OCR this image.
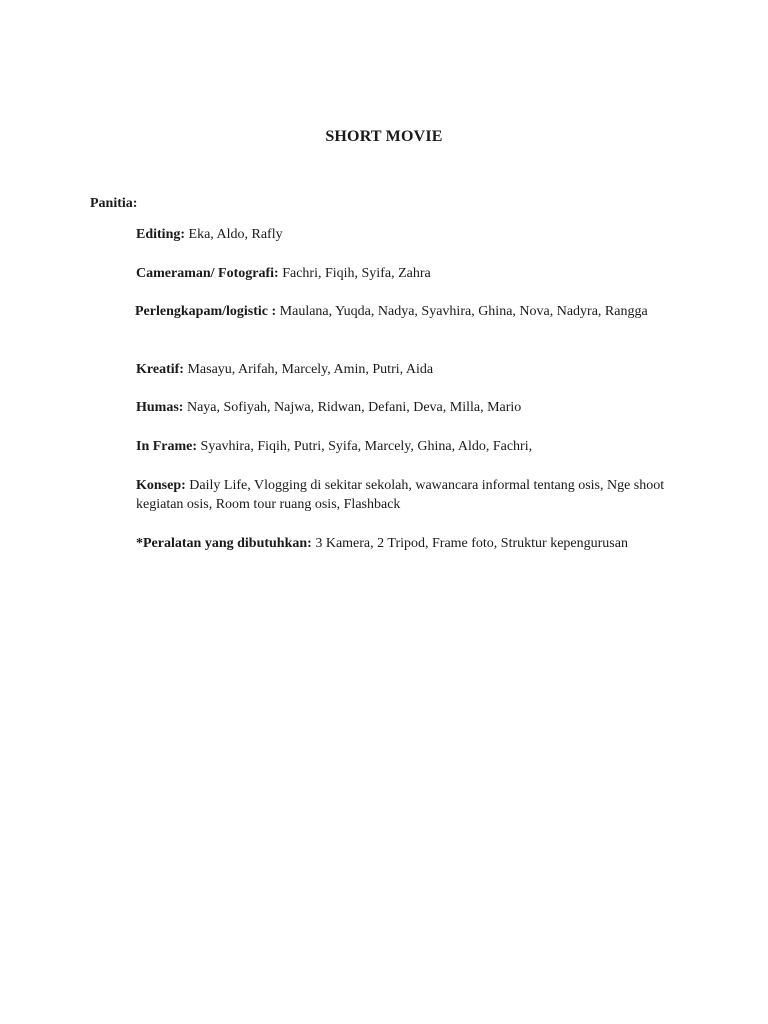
SHORT MOVIE
Panitia:
Editing: Eka, Aldo, Rafly
Cameraman/ Fotografi: Fachri, Fiqih, Syifa, Zahra
Perlengkapam/logistic : Maulana, Yuqda, Nadya, Syavhira, Ghina, Nova, Nadyra, Rangga
Kreatif: Masayu, Arifah, Marcely, Amin, Putri, Aida
Humas: Naya, Sofiyah, Najwa, Ridwan, Defani, Deva, Milla, Mario
In Frame: Syavhira, Fiqih, Putri, Syifa, Marcely, Ghina, Aldo, Fachri,
Konsep: Daily Life, Vlogging di sekitar sekolah, wawancara informal tentang osis, Nge shoot kegiatan osis, Room tour ruang osis, Flashback
*Peralatan yang dibutuhkan: 3 Kamera, 2 Tripod, Frame foto, Struktur kepengurusan
